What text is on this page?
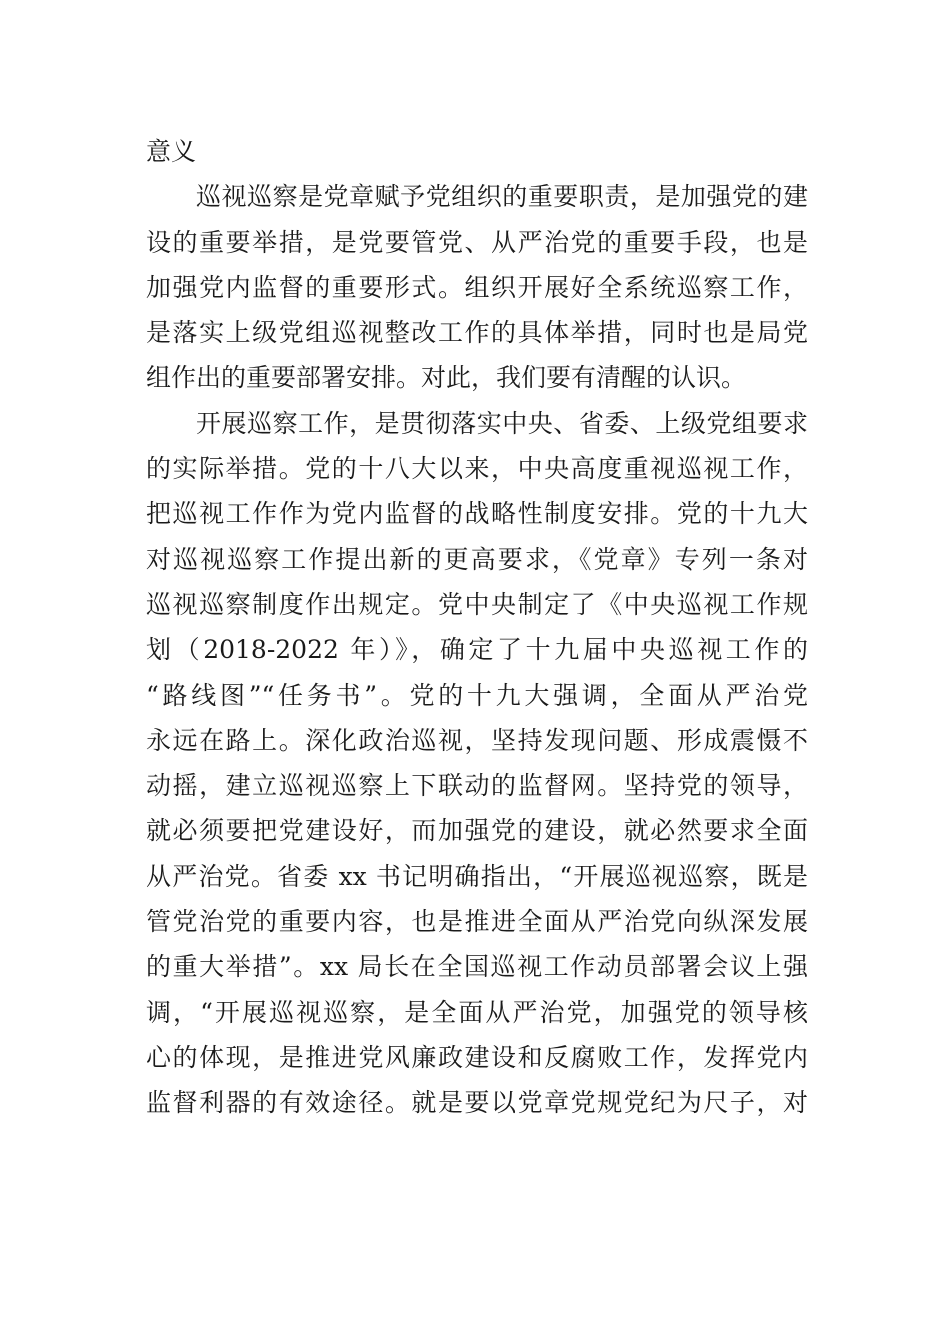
意义
巡视巡察是党章赋予党组织的重要职责，是加强党的建
设的重要举措，是党要管党、从严治党的重要手段，也是
加强党内监督的重要形式。组织开展好全系统巡察工作，
是落实上级党组巡视整改工作的具体举措，同时也是局党
组作出的重要部署安排。对此，我们要有清醒的认识。
开展巡察工作，是贯彻落实中央、省委、上级党组要求
的实际举措。党的十八大以来，中央高度重视巡视工作，
把巡视工作作为党内监督的战略性制度安排。党的十九大
对巡视巡察工作提出新的更高要求，《党章》专列一条对
巡视巡察制度作出规定。党中央制定了《中央巡视工作规
划（2018-2022 年）》，确定了十九届中央巡视工作的
“路线图”“任务书”。党的十九大强调，全面从严治党
永远在路上。深化政治巡视，坚持发现问题、形成震慑不
动摇，建立巡视巡察上下联动的监督网。坚持党的领导，
就必须要把党建设好，而加强党的建设，就必然要求全面
从严治党。省委 xx 书记明确指出，“开展巡视巡察，既是
管党治党的重要内容，也是推进全面从严治党向纵深发展
的重大举措”。xx 局长在全国巡视工作动员部署会议上强
调，“开展巡视巡察，是全面从严治党，加强党的领导核
心的体现，是推进党风廉政建设和反腐败工作，发挥党内
监督利器的有效途径。就是要以党章党规党纪为尺子，对
